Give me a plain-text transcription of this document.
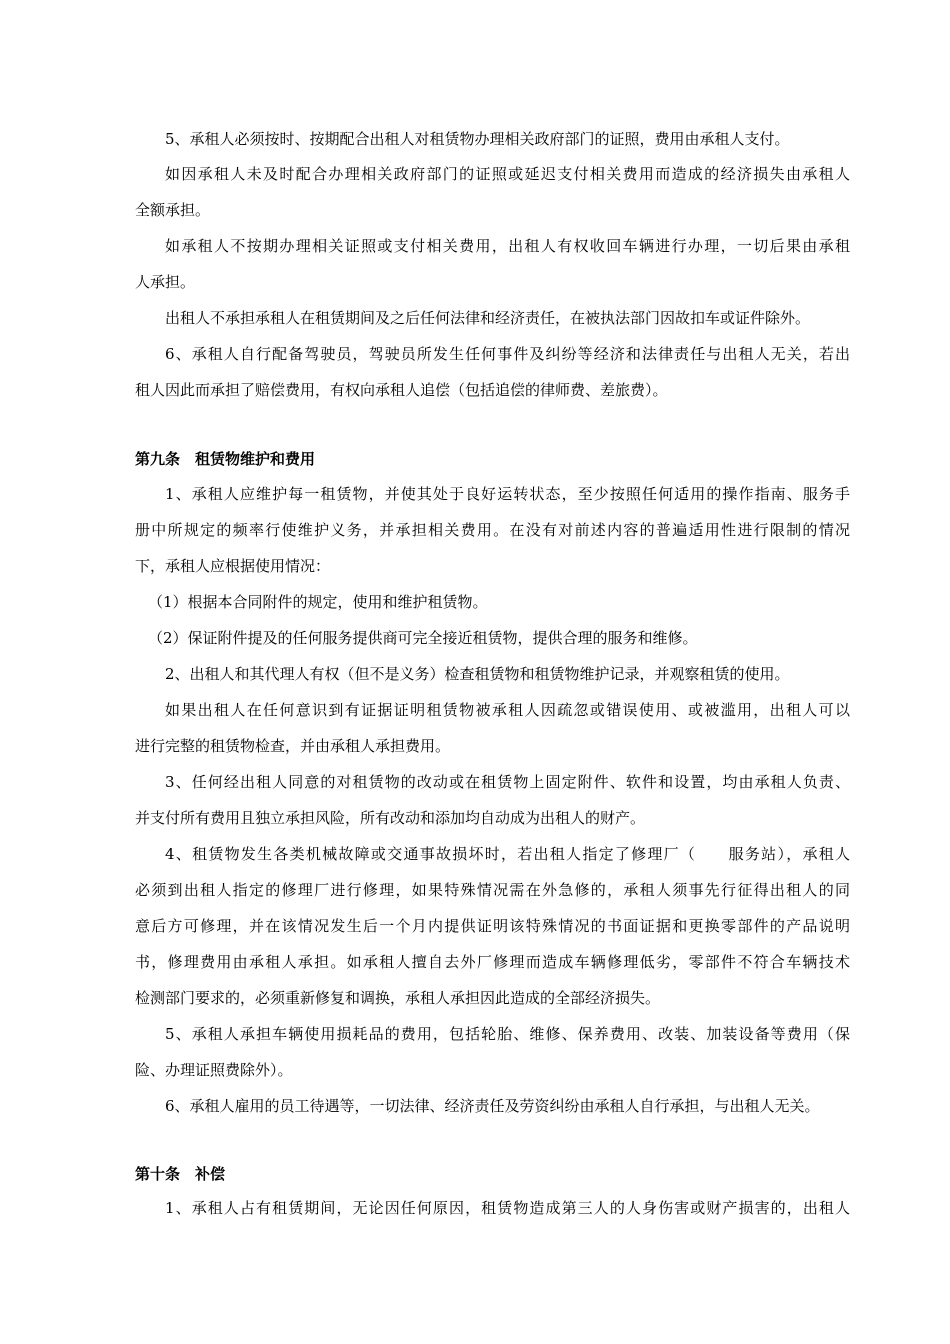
5、承租人必须按时、按期配合出租人对租赁物办理相关政府部门的证照，费用由承租人支付。
如因承租人未及时配合办理相关政府部门的证照或延迟支付相关费用而造成的经济损失由承租人
全额承担。
如承租人不按期办理相关证照或支付相关费用，出租人有权收回车辆进行办理，一切后果由承租
人承担。
出租人不承担承租人在租赁期间及之后任何法律和经济责任，在被执法部门因故扣车或证件除外。
6、承租人自行配备驾驶员，驾驶员所发生任何事件及纠纷等经济和法律责任与出租人无关，若出
租人因此而承担了赔偿费用，有权向承租人追偿（包括追偿的律师费、差旅费）。
第九条　租赁物维护和费用
1、承租人应维护每一租赁物，并使其处于良好运转状态，至少按照任何适用的操作指南、服务手
册中所规定的频率行使维护义务，并承担相关费用。在没有对前述内容的普遍适用性进行限制的情况
下，承租人应根据使用情况：
（1）根据本合同附件的规定，使用和维护租赁物。
（2）保证附件提及的任何服务提供商可完全接近租赁物，提供合理的服务和维修。
2、出租人和其代理人有权（但不是义务）检查租赁物和租赁物维护记录，并观察租赁的使用。
如果出租人在任何意识到有证据证明租赁物被承租人因疏忽或错误使用、或被滥用，出租人可以
进行完整的租赁物检查，并由承租人承担费用。
3、任何经出租人同意的对租赁物的改动或在租赁物上固定附件、软件和设置，均由承租人负责、
并支付所有费用且独立承担风险，所有改动和添加均自动成为出租人的财产。
4、租赁物发生各类机械故障或交通事故损坏时，若出租人指定了修理厂（　　服务站），承租人
必须到出租人指定的修理厂进行修理，如果特殊情况需在外急修的，承租人须事先行征得出租人的同
意后方可修理，并在该情况发生后一个月内提供证明该特殊情况的书面证据和更换零部件的产品说明
书，修理费用由承租人承担。如承租人擅自去外厂修理而造成车辆修理低劣，零部件不符合车辆技术
检测部门要求的，必须重新修复和调换，承租人承担因此造成的全部经济损失。
5、承租人承担车辆使用损耗品的费用，包括轮胎、维修、保养费用、改装、加装设备等费用（保
险、办理证照费除外）。
6、承租人雇用的员工待遇等，一切法律、经济责任及劳资纠纷由承租人自行承担，与出租人无关。
第十条　补偿
1、承租人占有租赁期间，无论因任何原因，租赁物造成第三人的人身伤害或财产损害的，出租人
